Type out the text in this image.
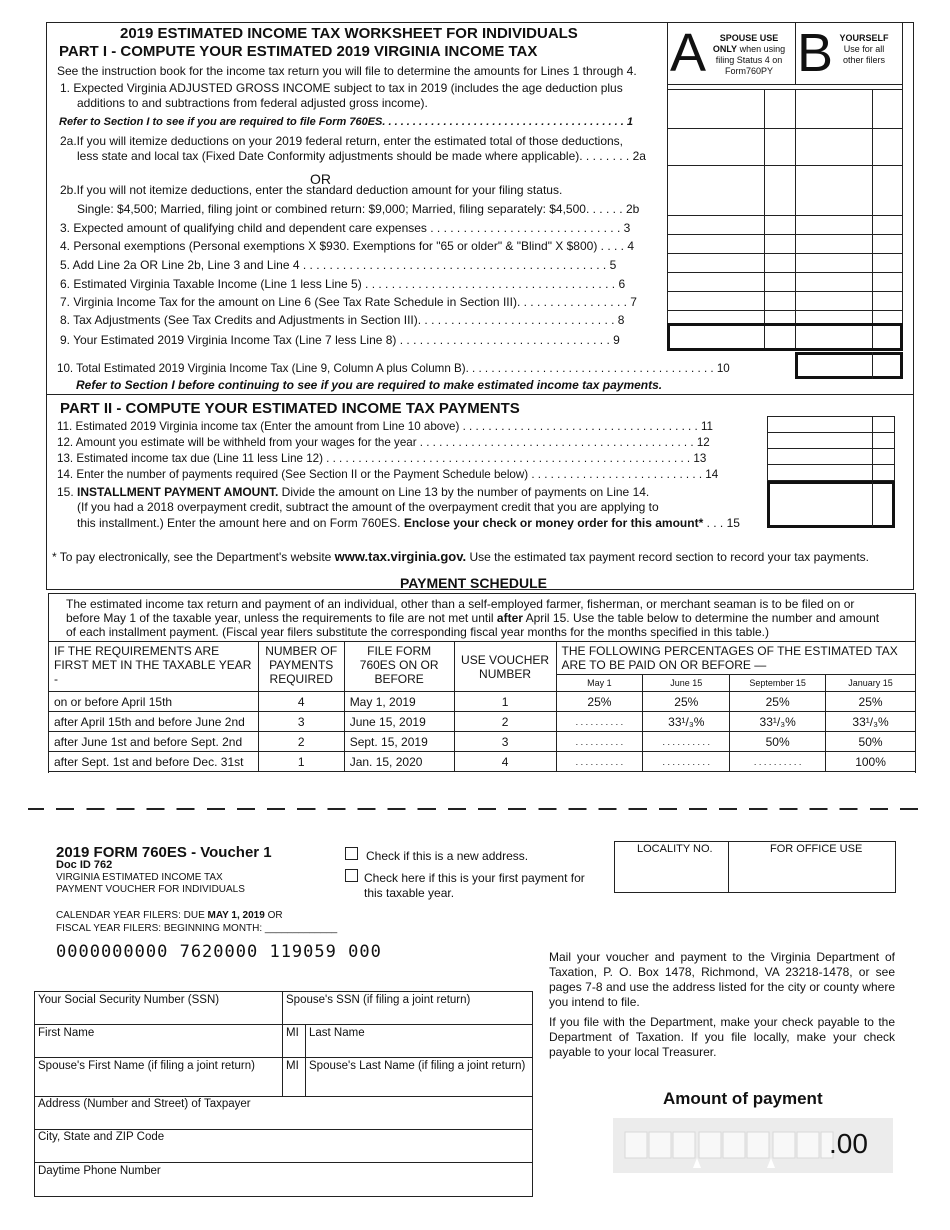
2019 ESTIMATED INCOME TAX WORKSHEET FOR INDIVIDUALS
PART I - COMPUTE YOUR ESTIMATED 2019 VIRGINIA INCOME TAX
See the instruction book for the income tax return you will file to determine the amounts for Lines 1 through 4. A	SPOUSE USE
ONLY when using
filing Status 4 on
Form760PY B YOURSELF
Use for all
other filers
1. Expected Virginia ADJUSTED GROSS INCOME subject to tax in 2019 (includes the age deduction plus
additions to and subtractions from federal adjusted gross income).
Refer to Section I to see if you are required to file Form 760ES. . . . . . . . . . . . . . . . . . . . . . . . . . . . . . . . . . . . . . . . 1
2a.If you will itemize deductions on your 2019 federal return, enter the estimated total of those deductions,
less state and local tax (Fixed Date Conformity adjustments should be made where applicable). . . . . . . . 2a
OR
2b.If you will not itemize deductions, enter the standard deduction amount for your filing status.
Single: $4,500; Married, filing joint or combined return: $9,000; Married, filing separately: $4,500. . . . . . 2b
3. Expected amount of qualifying child and dependent care expenses . . . . . . . . . . . . . . . . . . . . . . . . . . . . . 3
4. Personal exemptions (Personal exemptions X $930. Exemptions for "65 or older" & "Blind" X $800) . . . . 4
5. Add Line 2a OR Line 2b, Line 3 and Line 4 . . . . . . . . . . . . . . . . . . . . . . . . . . . . . . . . . . . . . . . . . . . . . . 5
6. Estimated Virginia Taxable Income (Line 1 less Line 5) . . . . . . . . . . . . . . . . . . . . . . . . . . . . . . . . . . . . . . 6
7. Virginia Income Tax for the amount on Line 6 (See Tax Rate Schedule in Section III). . . . . . . . . . . . . . . . . 7
8. Tax Adjustments (See Tax Credits and Adjustments in Section III). . . . . . . . . . . . . . . . . . . . . . . . . . . . . . 8
9. Your Estimated 2019 Virginia Income Tax (Line 7 less Line 8) . . . . . . . . . . . . . . . . . . . . . . . . . . . . . . . . 9
10. Total Estimated 2019 Virginia Income Tax (Line 9, Column A plus Column B). . . . . . . . . . . . . . . . . . . . . . . . . . . . . . . . . . . . . . . 10
Refer to Section I before continuing to see if you are required to make estimated income tax payments.
PART II - COMPUTE YOUR ESTIMATED INCOME TAX PAYMENTS
11. Estimated 2019 Virginia income tax (Enter the amount from Line 10 above) . . . . . . . . . . . . . . . . . . . . . . . . . . . . . . . . . . . . . 11
12. Amount you estimate will be withheld from your wages for the year . . . . . . . . . . . . . . . . . . . . . . . . . . . . . . . . . . . . . . . . . . . 12
13. Estimated income tax due (Line 11 less Line 12) . . . . . . . . . . . . . . . . . . . . . . . . . . . . . . . . . . . . . . . . . . . . . . . . . . . . . . . . . 13
14. Enter the number of payments required (See Section II or the Payment Schedule below) . . . . . . . . . . . . . . . . . . . . . . . . . . . 14
15. INSTALLMENT PAYMENT AMOUNT. Divide the amount on Line 13 by the number of payments on Line 14.
(If you had a 2018 overpayment credit, subtract the amount of the overpayment credit that you are applying to
this installment.) Enter the amount here and on Form 760ES. Enclose your check or money order for this amount* . . . 15
* To pay electronically, see the Department's website www.tax.virginia.gov. Use the estimated tax payment record section to record your tax payments.
PAYMENT SCHEDULE
The estimated income tax return and payment of an individual, other than a self-employed farmer, fisherman, or merchant seaman is to be filed on or
before May 1 of the taxable year, unless the requirements to file are not met until after April 15. Use the table below to determine the number and amount
of each installment payment. (Fiscal year filers substitute the corresponding fiscal year months for the months specified in this table.)
IF THE REQUIREMENTS ARE FIRST MET IN THE TAXABLE YEAR -	NUMBER OF PAYMENTS REQUIRED	FILE FORM 760ES ON OR BEFORE	USE VOUCHER NUMBER	THE FOLLOWING PERCENTAGES OF THE ESTIMATED TAX ARE TO BE PAID ON OR BEFORE —			
				May 1	June 15	September 15	January 15
on or before April 15th	4	May 1, 2019	1	25%	25%	25%	25%
after April 15th and before June 2nd	3	June 15, 2019	2	. . . . . . . . . .	33¹/₃%	33¹/₃%	33¹/₃%
after June 1st and before Sept. 2nd	2	Sept. 15, 2019	3	. . . . . . . . . .	. . . . . . . . . .	50%	50%
after Sept. 1st and before Dec. 31st	1	Jan. 15, 2020	4	. . . . . . . . . .	. . . . . . . . . .	. . . . . . . . . .	100%
2019 FORM 760ES - Voucher 1
Doc ID 762
VIRGINIA ESTIMATED INCOME TAX
PAYMENT VOUCHER FOR INDIVIDUALS
Check if this is a new address.
Check here if this is your first payment for
this taxable year.
LOCALITY NO.	FOR OFFICE USE
CALENDAR YEAR FILERS: DUE MAY 1, 2019 OR
FISCAL YEAR FILERS: BEGINNING MONTH: _____________
0000000000 7620000 119059 000	Mail your voucher and payment to the Virginia Department of Taxation, P. O. Box 1478, Richmond, VA 23218-1478, or see pages 7-8 and use the address listed for the city or county where you intend to file.
If you file with the Department, make your check payable to the Department of Taxation. If you file locally, make your check payable to your local Treasurer.
Your Social Security Number (SSN)	Spouse's SSN (if filing a joint return)
First Name	MI Last Name
Spouse's First Name (if filing a joint return)	MI Spouse's Last Name (if filing a joint return)
Address (Number and Street) of Taxpayer
City, State and ZIP Code
Daytime Phone Number
Amount of payment
.00
